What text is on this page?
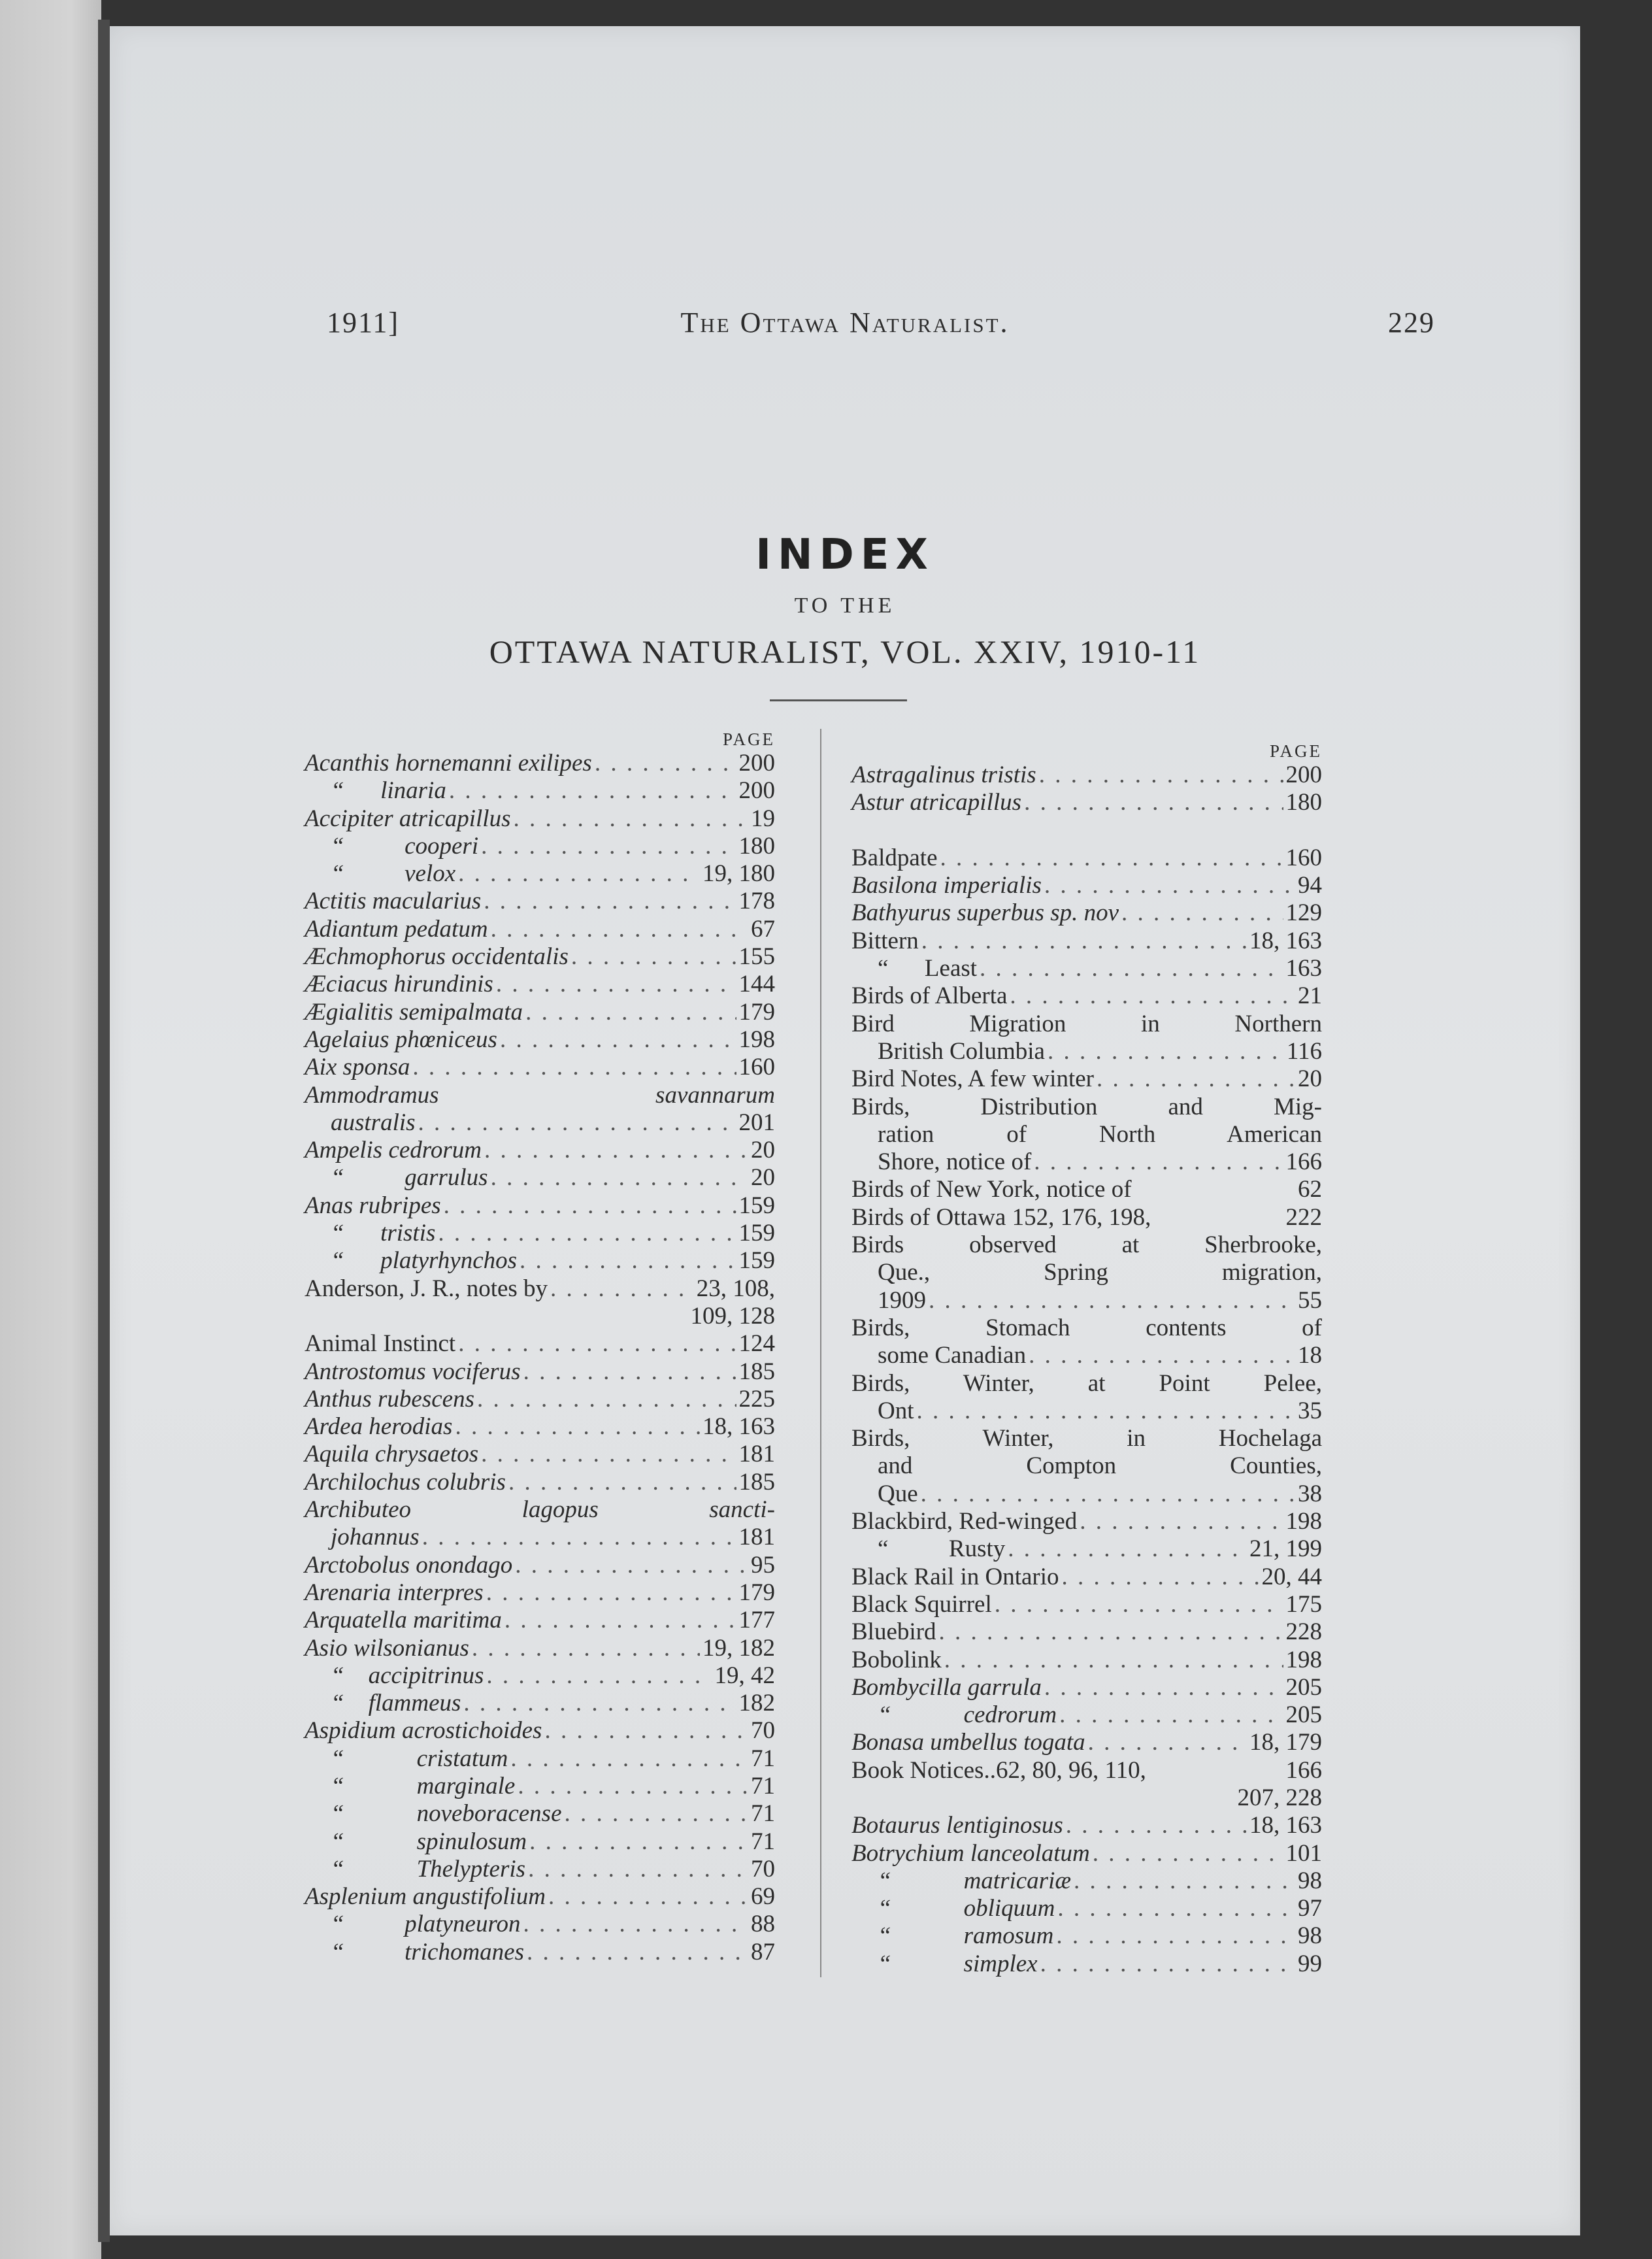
1911]	The Ottawa Naturalist.	229
INDEX
TO THE
OTTAWA NATURALIST, VOL. XXIV, 1910-11
PAGE
Acanthis hornemanni exilipes . . .	200
“      linaria . . .	200
Accipiter atricapillus . . .	19
“          cooperi . . .	180
“          velox . . .	19, 180
Actitis macularius . . .	178
Adiantum pedatum . . .	67
Æchmophorus occidentalis . . .	155
Æciacus hirundinis . . .	144
Ægialitis semipalmata . . .	179
Agelaius phœniceus . . .	198
Aix sponsa . . .	160
Ammodramus savannarum
australis . . .	201
Ampelis cedrorum . . .	20
“          garrulus . . .	20
Anas rubripes . . .	159
“      tristis . . .	159
“      platyrhynchos . . .	159
Anderson, J. R., notes by . . .	23, 108,
109, 128
Animal Instinct . . .	124
Antrostomus vociferus . . .	185
Anthus rubescens . . .	225
Ardea herodias . . .	18, 163
Aquila chrysaetos . . .	181
Archilochus colubris . . .	185
Archibuteo lagopus sancti-
johannus . . .	181
Arctobolus onondago . . .	95
Arenaria interpres . . .	179
Arquatella maritima . . .	177
Asio wilsonianus . . .	19, 182
“    accipitrinus . . .	19, 42
“    flammeus . . .	182
Aspidium acrostichoides . . .	70
“            cristatum . . .	71
“            marginale . . .	71
“            noveboracense . . .	71
“            spinulosum . . .	71
“            Thelypteris . . .	70
Asplenium angustifolium . . .	69
“          platyneuron . . .	88
“          trichomanes . . .	87
PAGE
Astragalinus tristis . . .	200
Astur atricapillus . . .	180
Baldpate . . .	160
Basilona imperialis . . .	94
Bathyurus superbus sp. nov . . .	129
Bittern . . .	18, 163
“      Least . . .	163
Birds of Alberta . . .	21
Bird Migration in Northern
British Columbia . . .	116
Bird Notes, A few winter . . .	20
Birds, Distribution and Mig-
ration of North American
Shore, notice of . . .	166
Birds of New York, notice of	62
Birds of Ottawa 152, 176, 198,	222
Birds observed at Sherbrooke,
Que., Spring migration,
1909 . . .	55
Birds, Stomach contents of
some Canadian . . .	18
Birds, Winter, at Point Pelee,
Ont . . .	35
Birds, Winter, in Hochelaga
and Compton Counties,
Que . . .	38
Blackbird, Red-winged . . .	198
“          Rusty . . .	21, 199
Black Rail in Ontario . . .	20, 44
Black Squirrel . . .	175
Bluebird . . .	228
Bobolink . . .	198
Bombycilla garrula . . .	205
“            cedrorum . . .	205
Bonasa umbellus togata . . .	18, 179
Book Notices..62, 80, 96, 110,	166
207, 228
Botaurus lentiginosus . . .	18, 163
Botrychium lanceolatum . . .	101
“            matricariæ . . .	98
“            obliquum . . .	97
“            ramosum . . .	98
“            simplex . . .	99
